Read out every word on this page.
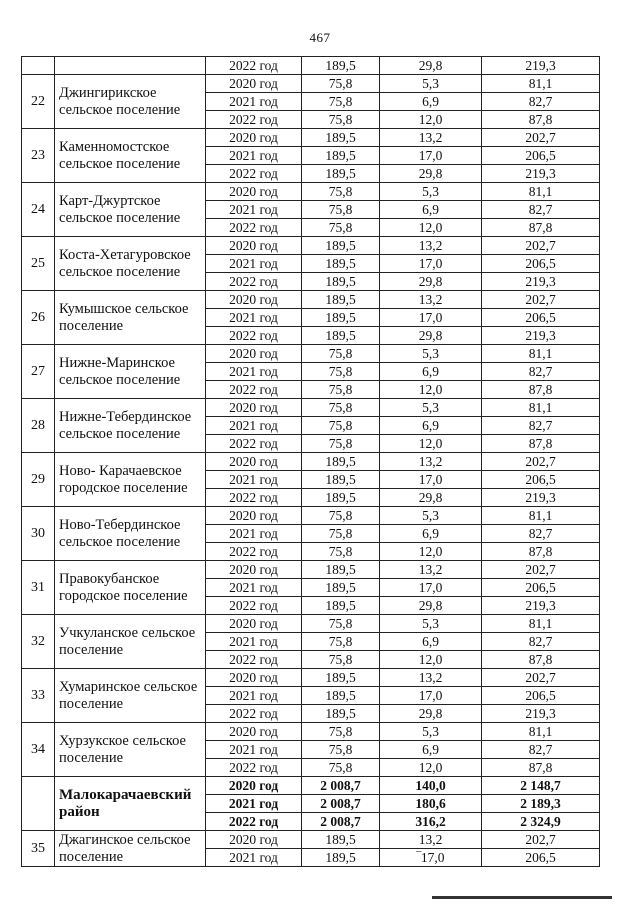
467
		2022 год	189,5	29,8	219,3
22	Джингирикское сельское поселение	2020 год	75,8	5,3	81,1
		2021 год	75,8	6,9	82,7
		2022 год	75,8	12,0	87,8
23	Каменномостское сельское поселение	2020 год	189,5	13,2	202,7
		2021 год	189,5	17,0	206,5
		2022 год	189,5	29,8	219,3
24	Карт-Джуртское сельское поселение	2020 год	75,8	5,3	81,1
		2021 год	75,8	6,9	82,7
		2022 год	75,8	12,0	87,8
25	Коста-Хетагуровское сельское поселение	2020 год	189,5	13,2	202,7
		2021 год	189,5	17,0	206,5
		2022 год	189,5	29,8	219,3
26	Кумышское сельское поселение	2020 год	189,5	13,2	202,7
		2021 год	189,5	17,0	206,5
		2022 год	189,5	29,8	219,3
27	Нижне-Маринское сельское поселение	2020 год	75,8	5,3	81,1
		2021 год	75,8	6,9	82,7
		2022 год	75,8	12,0	87,8
28	Нижне-Тебердинское сельское поселение	2020 год	75,8	5,3	81,1
		2021 год	75,8	6,9	82,7
		2022 год	75,8	12,0	87,8
29	Ново- Карачаевское городское поселение	2020 год	189,5	13,2	202,7
		2021 год	189,5	17,0	206,5
		2022 год	189,5	29,8	219,3
30	Ново-Тебердинское сельское поселение	2020 год	75,8	5,3	81,1
		2021 год	75,8	6,9	82,7
		2022 год	75,8	12,0	87,8
31	Правокубанское городское поселение	2020 год	189,5	13,2	202,7
		2021 год	189,5	17,0	206,5
		2022 год	189,5	29,8	219,3
32	Учкуланское сельское поселение	2020 год	75,8	5,3	81,1
		2021 год	75,8	6,9	82,7
		2022 год	75,8	12,0	87,8
33	Хумаринское сельское поселение	2020 год	189,5	13,2	202,7
		2021 год	189,5	17,0	206,5
		2022 год	189,5	29,8	219,3
34	Хурзукское сельское поселение	2020 год	75,8	5,3	81,1
		2021 год	75,8	6,9	82,7
		2022 год	75,8	12,0	87,8
	Малокарачаевский район	2020 год	2 008,7	140,0	2 148,7
		2021 год	2 008,7	180,6	2 189,3
		2022 год	2 008,7	316,2	2 324,9
35	Джагинское сельское поселение	2020 год	189,5	13,2	202,7
		2021 год	189,5	‾17,0	206,5
